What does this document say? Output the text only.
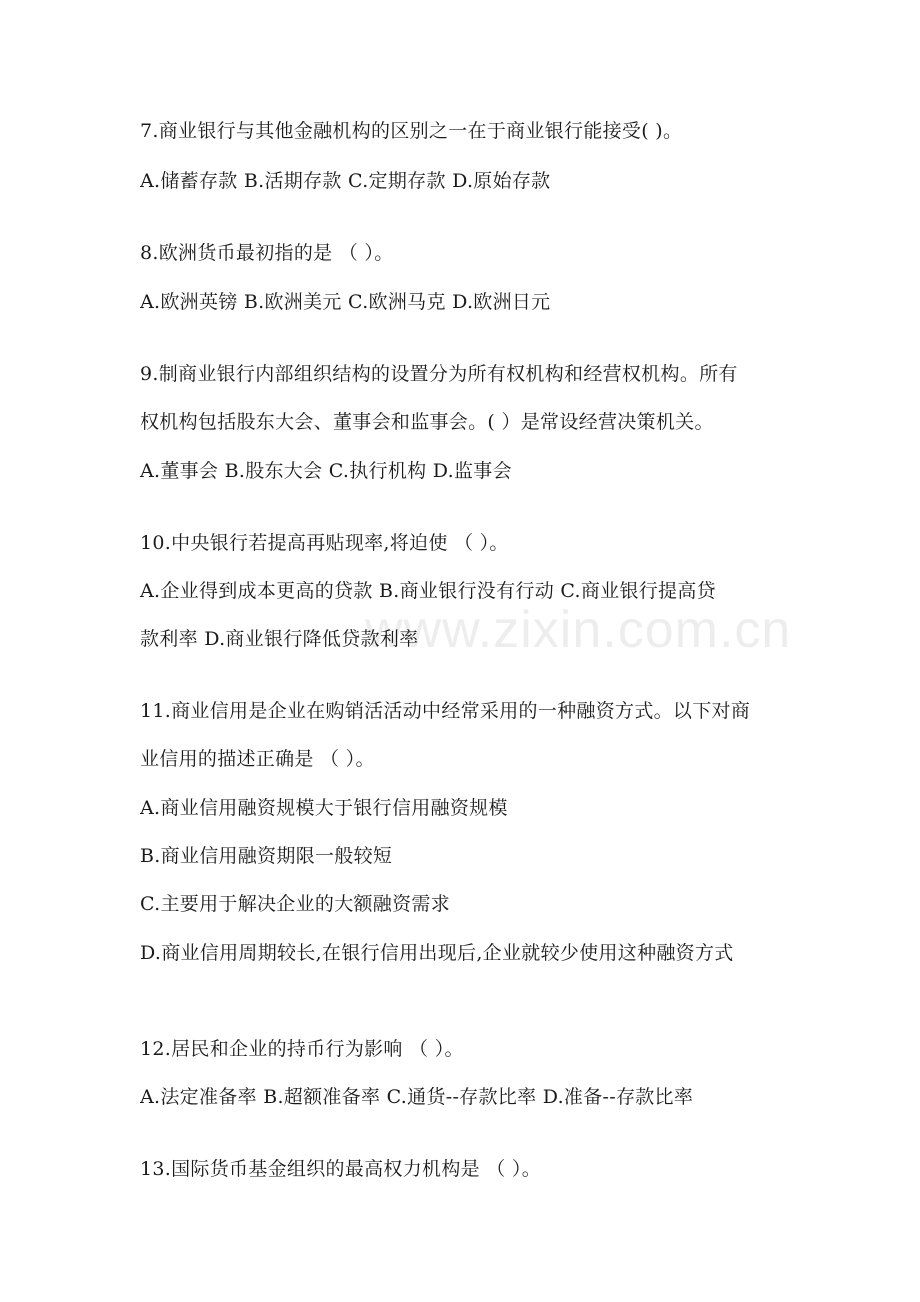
www.zixin.com.cn
7.商业银行与其他金融机构的区别之一在于商业银行能接受( )。
A.储蓄存款 B.活期存款 C.定期存款 D.原始存款
8.欧洲货币最初指的是 （ ）。
A.欧洲英镑 B.欧洲美元 C.欧洲马克 D.欧洲日元
9.制商业银行内部组织结构的设置分为所有权机构和经营权机构。所有
权机构包括股东大会、董事会和监事会。( ）是常设经营决策机关。
A.董事会 B.股东大会 C.执行机构 D.监事会
10.中央银行若提高再贴现率,将迫使 （ ）。
A.企业得到成本更高的贷款 B.商业银行没有行动 C.商业银行提高贷
款利率 D.商业银行降低贷款利率
11.商业信用是企业在购销活活动中经常采用的一种融资方式。以下对商
业信用的描述正确是 （ ）。
A.商业信用融资规模大于银行信用融资规模
B.商业信用融资期限一般较短
C.主要用于解决企业的大额融资需求
D.商业信用周期较长,在银行信用出现后,企业就较少使用这种融资方式
12.居民和企业的持币行为影响 （ ）。
A.法定准备率 B.超额准备率 C.通货--存款比率 D.准备--存款比率
13.国际货币基金组织的最高权力机构是 （ ）。
